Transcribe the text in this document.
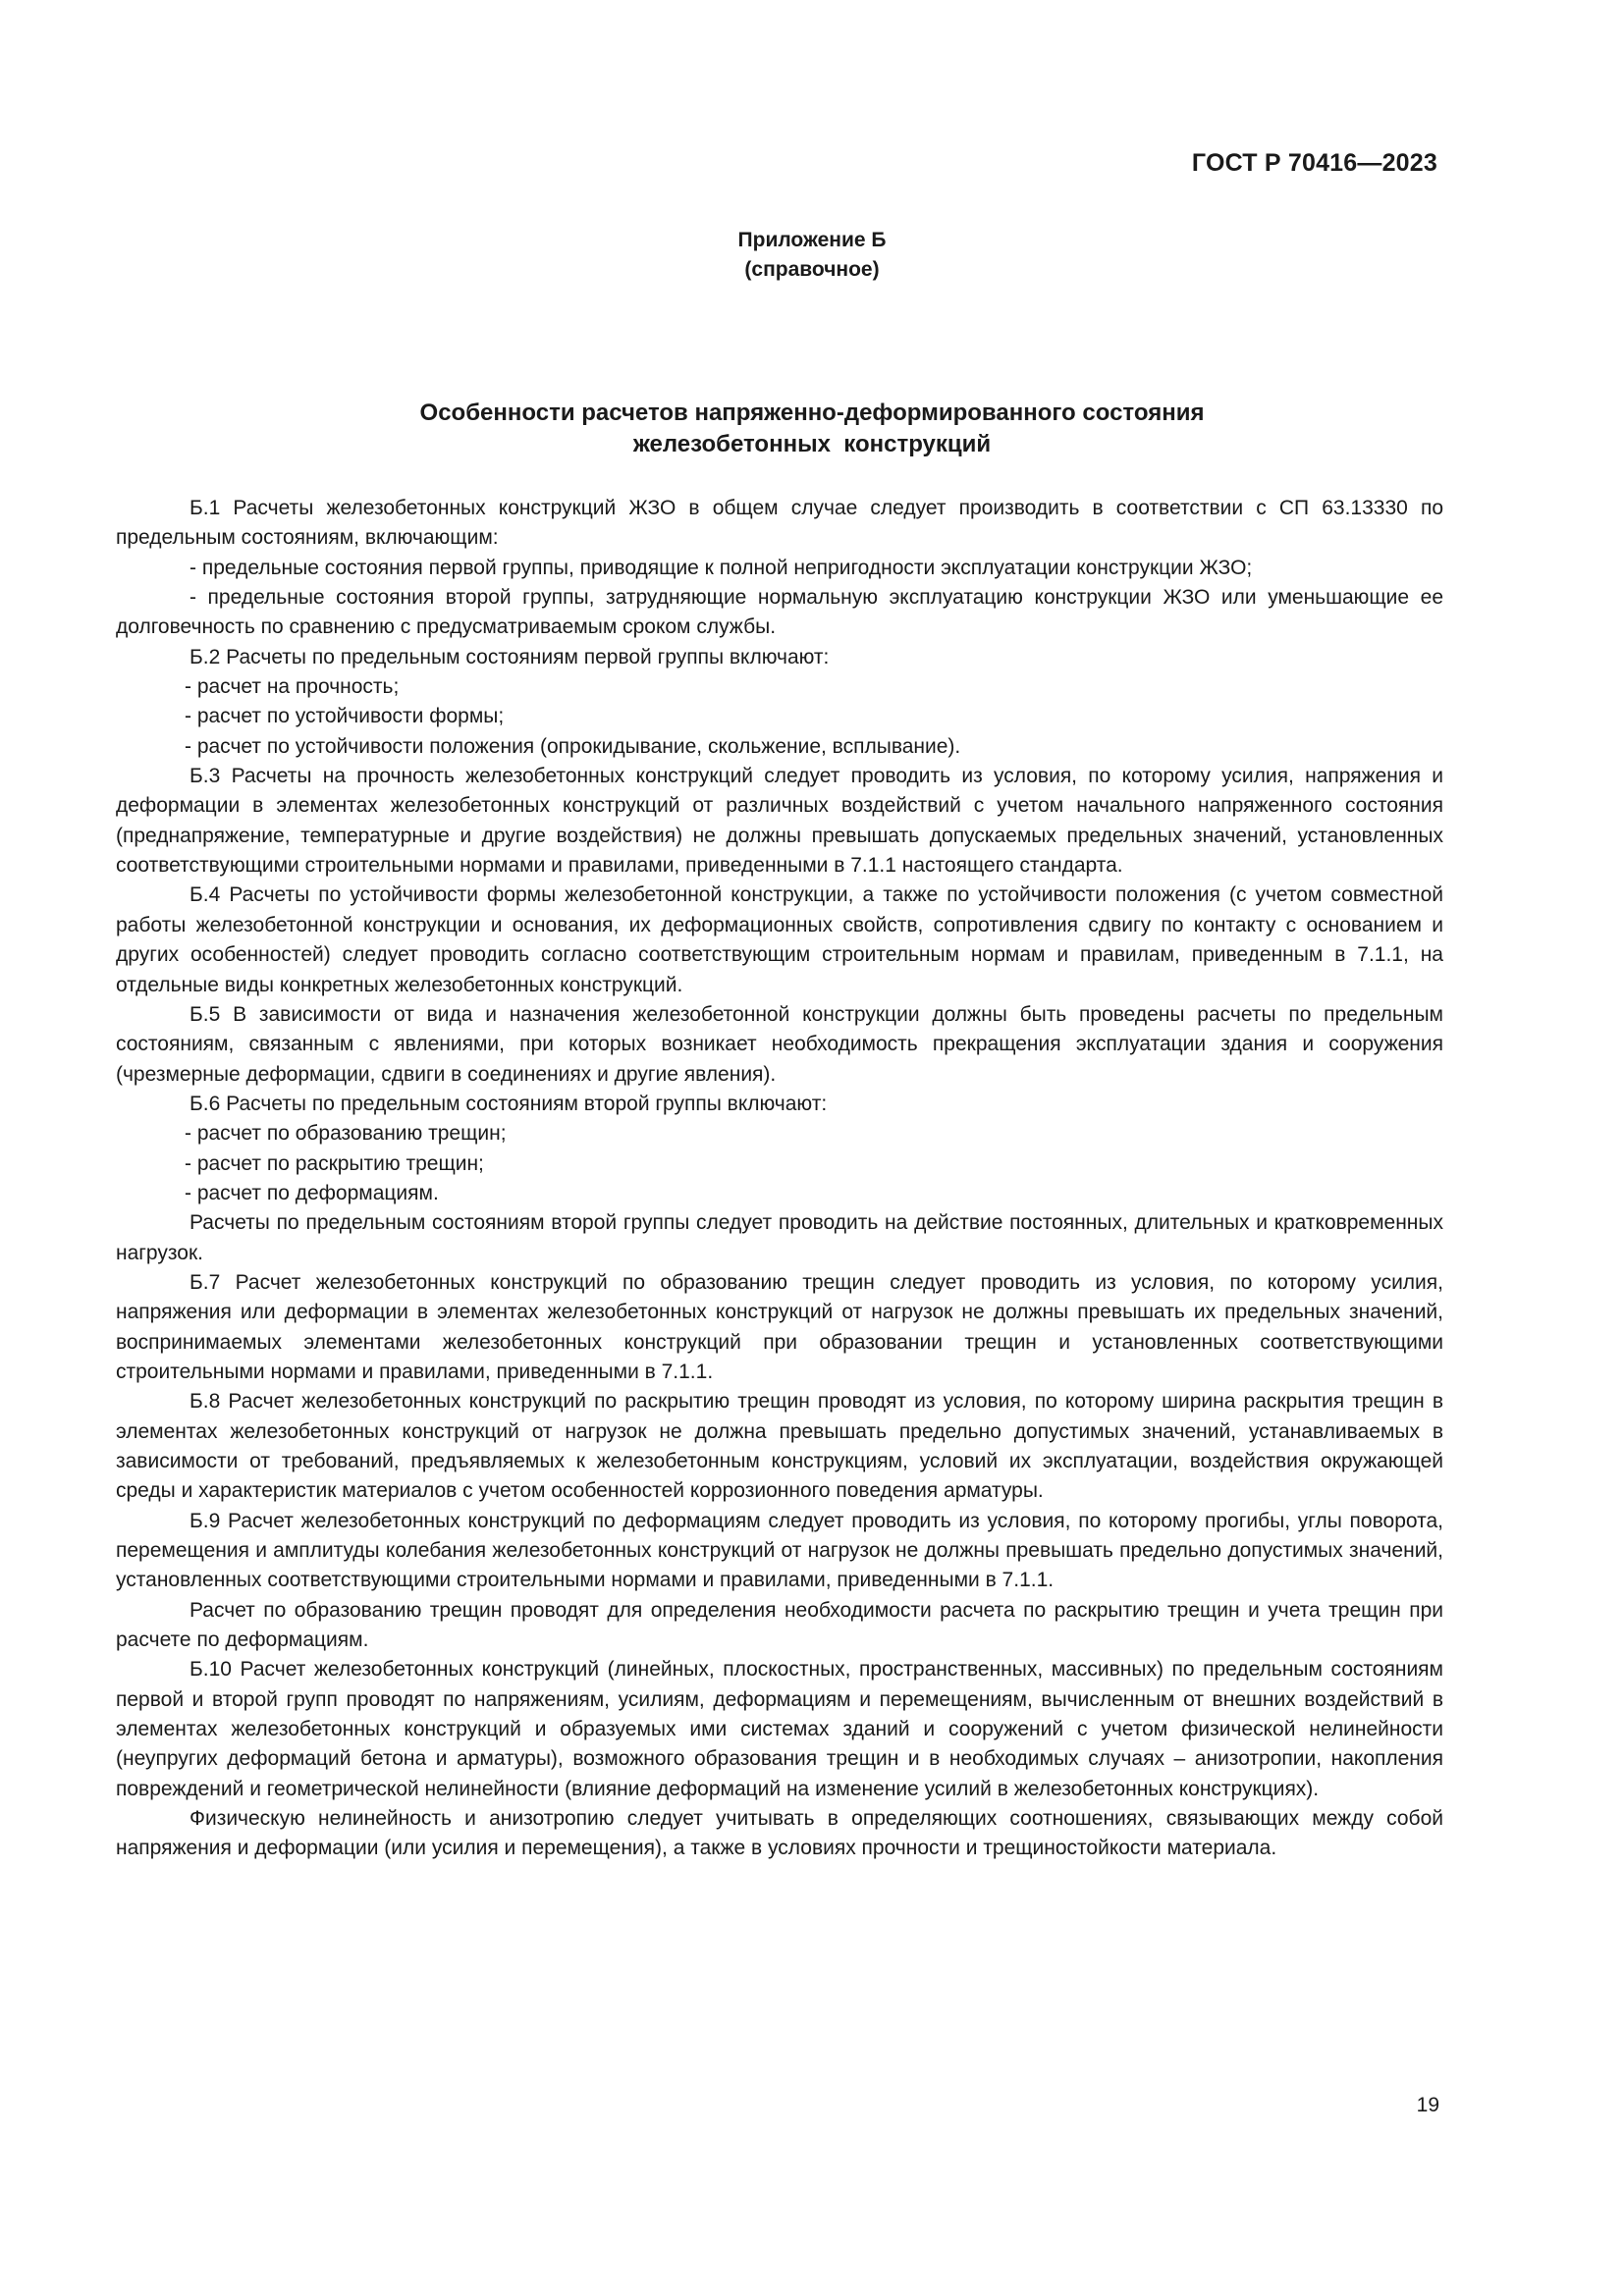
ГОСТ Р 70416—2023
Приложение Б
(справочное)
Особенности расчетов напряженно-деформированного состояния
железобетонных  конструкций

Б.1 Расчеты железобетонных конструкций ЖЗО в общем случае следует производить в соответствии с СП 63.13330 по предельным состояниям, включающим:

- предельные состояния первой группы, приводящие к полной непригодности эксплуатации конструкции ЖЗО;

- предельные состояния второй группы, затрудняющие нормальную эксплуатацию конструкции ЖЗО или уменьшающие ее долговечность по сравнению с предусматриваемым сроком службы.

Б.2 Расчеты по предельным состояниям первой группы включают:

- расчет на прочность;

- расчет по устойчивости формы;

- расчет по устойчивости положения (опрокидывание, скольжение, всплывание).

Б.3 Расчеты на прочность железобетонных конструкций следует проводить из условия, по которому усилия, напряжения и деформации в элементах железобетонных конструкций от различных воздействий с учетом начального напряженного состояния (преднапряжение, температурные и другие воздействия) не должны превышать допускаемых предельных значений, установленных соответствующими строительными нормами и правилами, приведенными в 7.1.1 настоящего стандарта.

Б.4 Расчеты по устойчивости формы железобетонной конструкции, а также по устойчивости положения (с учетом совместной работы железобетонной конструкции и основания, их деформационных свойств, сопротивления сдвигу по контакту с основанием и других особенностей) следует проводить согласно соответствующим строительным нормам и правилам, приведенным в 7.1.1, на отдельные виды конкретных железобетонных конструкций.

Б.5 В зависимости от вида и назначения железобетонной конструкции должны быть проведены расчеты по предельным состояниям, связанным с явлениями, при которых возникает необходимость прекращения эксплуатации здания и сооружения (чрезмерные деформации, сдвиги в соединениях и другие явления).

Б.6 Расчеты по предельным состояниям второй группы включают:

- расчет по образованию трещин;

- расчет по раскрытию трещин;

- расчет по деформациям.

Расчеты по предельным состояниям второй группы следует проводить на действие постоянных, длительных и кратковременных нагрузок.

Б.7 Расчет железобетонных конструкций по образованию трещин следует проводить из условия, по которому усилия, напряжения или деформации в элементах железобетонных конструкций от нагрузок не должны превышать их предельных значений, воспринимаемых элементами железобетонных конструкций при образовании трещин и установленных соответствующими строительными нормами и правилами, приведенными в 7.1.1.

Б.8 Расчет железобетонных конструкций по раскрытию трещин проводят из условия, по которому ширина раскрытия трещин в элементах железобетонных конструкций от нагрузок не должна превышать предельно допустимых значений, устанавливаемых в зависимости от требований, предъявляемых к железобетонным конструкциям, условий их эксплуатации, воздействия окружающей среды и характеристик материалов с учетом особенностей коррозионного поведения арматуры.

Б.9 Расчет железобетонных конструкций по деформациям следует проводить из условия, по которому прогибы, углы поворота, перемещения и амплитуды колебания железобетонных конструкций от нагрузок не должны превышать предельно допустимых значений, установленных соответствующими строительными нормами и правилами, приведенными в 7.1.1.

Расчет по образованию трещин проводят для определения необходимости расчета по раскрытию трещин и учета трещин при расчете по деформациям.

Б.10 Расчет железобетонных конструкций (линейных, плоскостных, пространственных, массивных) по предельным состояниям первой и второй групп проводят по напряжениям, усилиям, деформациям и перемещениям, вычисленным от внешних воздействий в элементах железобетонных конструкций и образуемых ими системах зданий и сооружений с учетом физической нелинейности (неупругих деформаций бетона и арматуры), возможного образования трещин и в необходимых случаях – анизотропии, накопления повреждений и геометрической нелинейности (влияние деформаций на изменение усилий в железобетонных конструкциях).

Физическую нелинейность и анизотропию следует учитывать в определяющих соотношениях, связывающих между собой напряжения и деформации (или усилия и перемещения), а также в условиях прочности и трещиностойкости материала.

19
